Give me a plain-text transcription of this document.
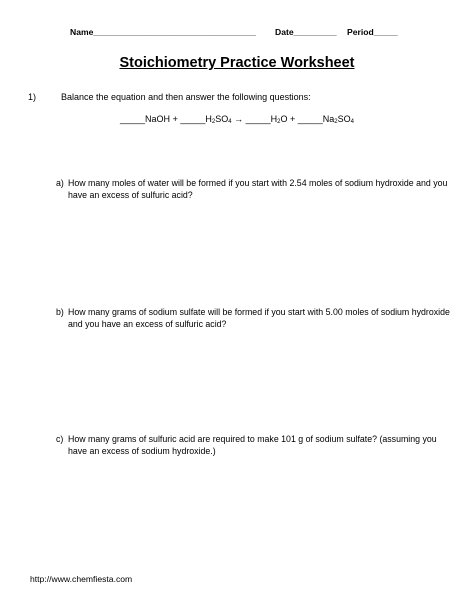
Name__________________________________ Date_________ Period_____
Stoichiometry Practice Worksheet
1)	Balance the equation and then answer the following questions:
_____NaOH + $\_\_\_\_\_H_2SO_4$ → $\_\_\_\_\_H_2O$ + $\_\_\_\_\_Na_2SO_4$
a) How many moles of water will be formed if you start with 2.54 moles of sodium hydroxide and you have an excess of sulfuric acid?
b) How many grams of sodium sulfate will be formed if you start with 5.00 moles of sodium hydroxide and you have an excess of sulfuric acid?
c) How many grams of sulfuric acid are required to make 101 g of sodium sulfate? (assuming you have an excess of sodium hydroxide.)
http://www.chemfiesta.com
